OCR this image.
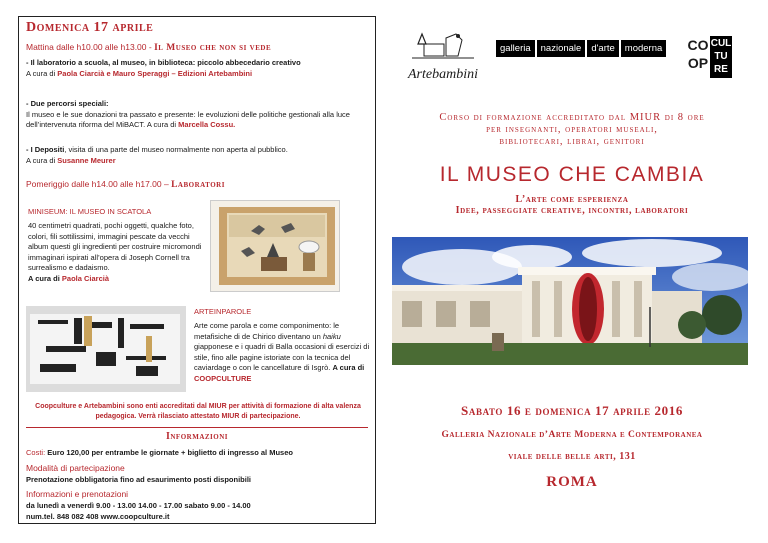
Domenica 17 aprile
Mattina dalle h10.00 alle h13.00 - Il Museo che non si vede
- Il laboratorio a scuola, al museo, in biblioteca: piccolo abbecedario creativo
A cura di Paola Ciarcià e Mauro Speraggi – Edizioni Artebambini
- Due percorsi speciali:
Il museo e le sue donazioni tra passato e presente: le evoluzioni delle politiche gestionali alla luce dell’intervenuta riforma del MiBACT. A cura di Marcella Cossu.
- I Depositi, visita di una parte del museo normalmente non aperta al pubblico.
A cura di Susanne Meurer
Pomeriggio dalle h14.00 alle h17.00 – Laboratori
MINISEUM: IL MUSEO IN SCATOLA
40 centimetri quadrati, pochi oggetti, qualche foto, colori, fili sottilissimi, immagini pescate da vecchi album questi gli ingredienti per costruire micromondi immaginari ispirati all’opera di Joseph Cornell tra surrealismo e dadaismo.
A cura di Paola Ciarcià
ARTEINPAROLE
Arte come parola e come componimento: le metafisiche di de Chirico diventano un haiku giapponese e i quadri di Balla occasioni di esercizi di stile, fino alle pagine istoriate con la tecnica del caviardage o con le cancellature di Isgrò. A cura di COOPCULTURE
Coopculture e Artebambini sono enti accreditati dal MIUR per attività di formazione di alta valenza pedagogica. Verrà rilasciato attestato MIUR di partecipazione.
Informazioni
Costi: Euro 120,00 per entrambe le giornate + biglietto di ingresso al Museo
Modalità di partecipazione
Prenotazione obbligatoria fino ad esaurimento posti disponibili
Informazioni e prenotazioni
da lunedì a venerdì 9.00 - 13.00 14.00 - 17.00 sabato 9.00 - 14.00
num.tel. 848 082 408 www.coopculture.it
Artebambini
galleria	nazionale	d'arte	moderna CO
OP
CUL
TU
RE
Corso di formazione accreditato dal MIUR di 8 ore
per insegnanti, operatori museali,
bibliotecari, librai, genitori
IL MUSEO CHE CAMBIA
L’arte come esperienza
Idee, passeggiate creative, incontri, laboratori
Sabato 16 e domenica 17 aprile 2016
Galleria Nazionale d’Arte Moderna e Contemporanea
viale delle belle arti, 131
ROMA
